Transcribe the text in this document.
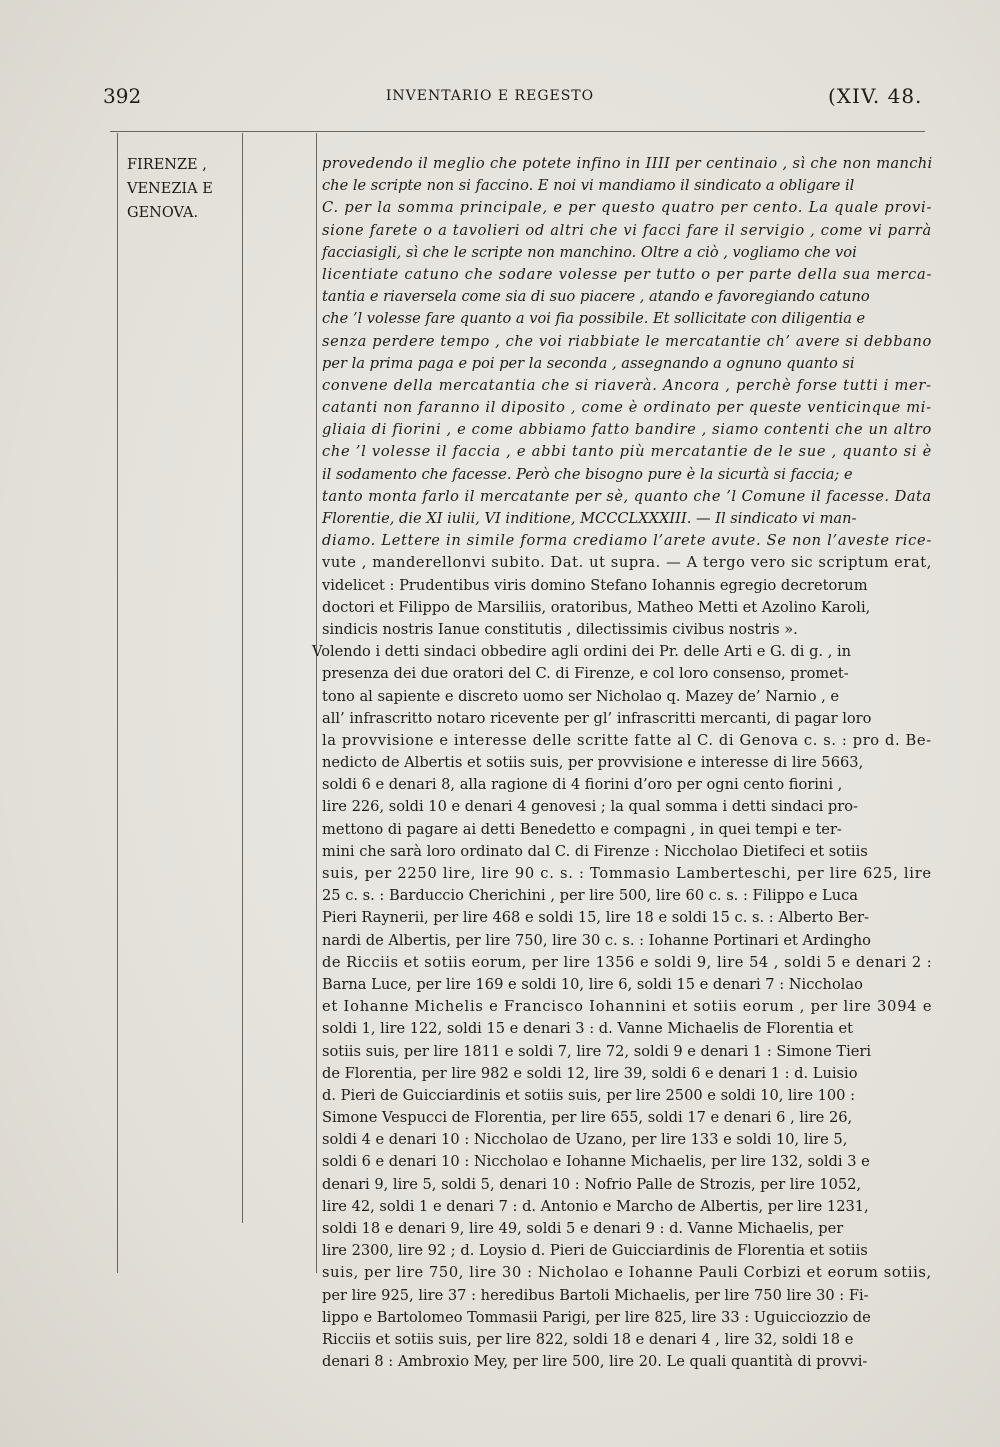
392	INVENTARIO E REGESTO	(XIV. 48.
FIRENZE ,
VENEZIA E
GENOVA.
provedendo il meglio che potete infino in IIII per centinaio , sì che non manchi
che le scripte non si faccino. E noi vi mandiamo il sindicato a obligare il
C. per la somma principale, e per questo quatro per cento. La quale provi-
sione farete o a tavolieri od altri che vi facci fare il servigio , come vi parrà
facciasigli, sì che le scripte non manchino. Oltre a ciò , vogliamo che voi
licentiate catuno che sodare volesse per tutto o per parte della sua merca-
tantia e riaversela come sia di suo piacere , atando e favoregiando catuno
che ’l volesse fare quanto a voi fia possibile. Et sollicitate con diligentia e
senza perdere tempo , che voi riabbiate le mercatantie ch’ avere si debbano
per la prima paga e poi per la seconda , assegnando a ognuno quanto si
convene della mercatantia che si riaverà. Ancora , perchè forse tutti i mer-
catanti non faranno il diposito , come è ordinato per queste venticinque mi-
gliaia di fiorini , e come abbiamo fatto bandire , siamo contenti che un altro
che ’l volesse il faccia , e abbi tanto più mercatantie de le sue , quanto si è
il sodamento che facesse. Però che bisogno pure è la sicurtà si faccia; e
tanto monta farlo il mercatante per sè, quanto che ’l Comune il facesse. Data
Florentie, die XI iulii, VI inditione, MCCCLXXXIII. — Il sindicato vi man-
diamo. Lettere in simile forma crediamo l’arete avute. Se non l’aveste rice-
vute , manderellonvi subito. Dat. ut supra. — A tergo vero sic scriptum erat,
videlicet : Prudentibus viris domino Stefano Iohannis egregio decretorum
doctori et Filippo de Marsiliis, oratoribus, Matheo Metti et Azolino Karoli,
sindicis nostris Ianue constitutis , dilectissimis civibus nostris ».
Volendo i detti sindaci obbedire agli ordini dei Pr. delle Arti e G. di g. , in
presenza dei due oratori del C. di Firenze, e col loro consenso, promet-
tono al sapiente e discreto uomo ser Nicholao q. Mazey de’ Narnio , e
all’ infrascritto notaro ricevente per gl’ infrascritti mercanti, di pagar loro
la provvisione e interesse delle scritte fatte al C. di Genova c. s. : pro d. Be-
nedicto de Albertis et sotiis suis, per provvisione e interesse di lire 5663,
soldi 6 e denari 8, alla ragione di 4 fiorini d’oro per ogni cento fiorini ,
lire 226, soldi 10 e denari 4 genovesi ; la qual somma i detti sindaci pro-
mettono di pagare ai detti Benedetto e compagni , in quei tempi e ter-
mini che sarà loro ordinato dal C. di Firenze : Niccholao Dietifeci et sotiis
suis, per 2250 lire, lire 90 c. s. : Tommasio Lamberteschi, per lire 625, lire
25 c. s. : Barduccio Cherichini , per lire 500, lire 60 c. s. : Filippo e Luca
Pieri Raynerii, per lire 468 e soldi 15, lire 18 e soldi 15 c. s. : Alberto Ber-
nardi de Albertis, per lire 750, lire 30 c. s. : Iohanne Portinari et Ardingho
de Ricciis et sotiis eorum, per lire 1356 e soldi 9, lire 54 , soldi 5 e denari 2 :
Barna Luce, per lire 169 e soldi 10, lire 6, soldi 15 e denari 7 : Niccholao
et Iohanne Michelis e Francisco Iohannini et sotiis eorum , per lire 3094 e
soldi 1, lire 122, soldi 15 e denari 3 : d. Vanne Michaelis de Florentia et
sotiis suis, per lire 1811 e soldi 7, lire 72, soldi 9 e denari 1 : Simone Tieri
de Florentia, per lire 982 e soldi 12, lire 39, soldi 6 e denari 1 : d. Luisio
d. Pieri de Guicciardinis et sotiis suis, per lire 2500 e soldi 10, lire 100 :
Simone Vespucci de Florentia, per lire 655, soldi 17 e denari 6 , lire 26,
soldi 4 e denari 10 : Niccholao de Uzano, per lire 133 e soldi 10, lire 5,
soldi 6 e denari 10 : Niccholao e Iohanne Michaelis, per lire 132, soldi 3 e
denari 9, lire 5, soldi 5, denari 10 : Nofrio Palle de Strozis, per lire 1052,
lire 42, soldi 1 e denari 7 : d. Antonio e Marcho de Albertis, per lire 1231,
soldi 18 e denari 9, lire 49, soldi 5 e denari 9 : d. Vanne Michaelis, per
lire 2300, lire 92 ; d. Loysio d. Pieri de Guicciardinis de Florentia et sotiis
suis, per lire 750, lire 30 : Nicholao e Iohanne Pauli Corbizi et eorum sotiis,
per lire 925, lire 37 : heredibus Bartoli Michaelis, per lire 750 lire 30 : Fi-
lippo e Bartolomeo Tommasii Parigi, per lire 825, lire 33 : Uguicciozzio de
Ricciis et sotiis suis, per lire 822, soldi 18 e denari 4 , lire 32, soldi 18 e
denari 8 : Ambroxio Mey, per lire 500, lire 20. Le quali quantità di provvi-
